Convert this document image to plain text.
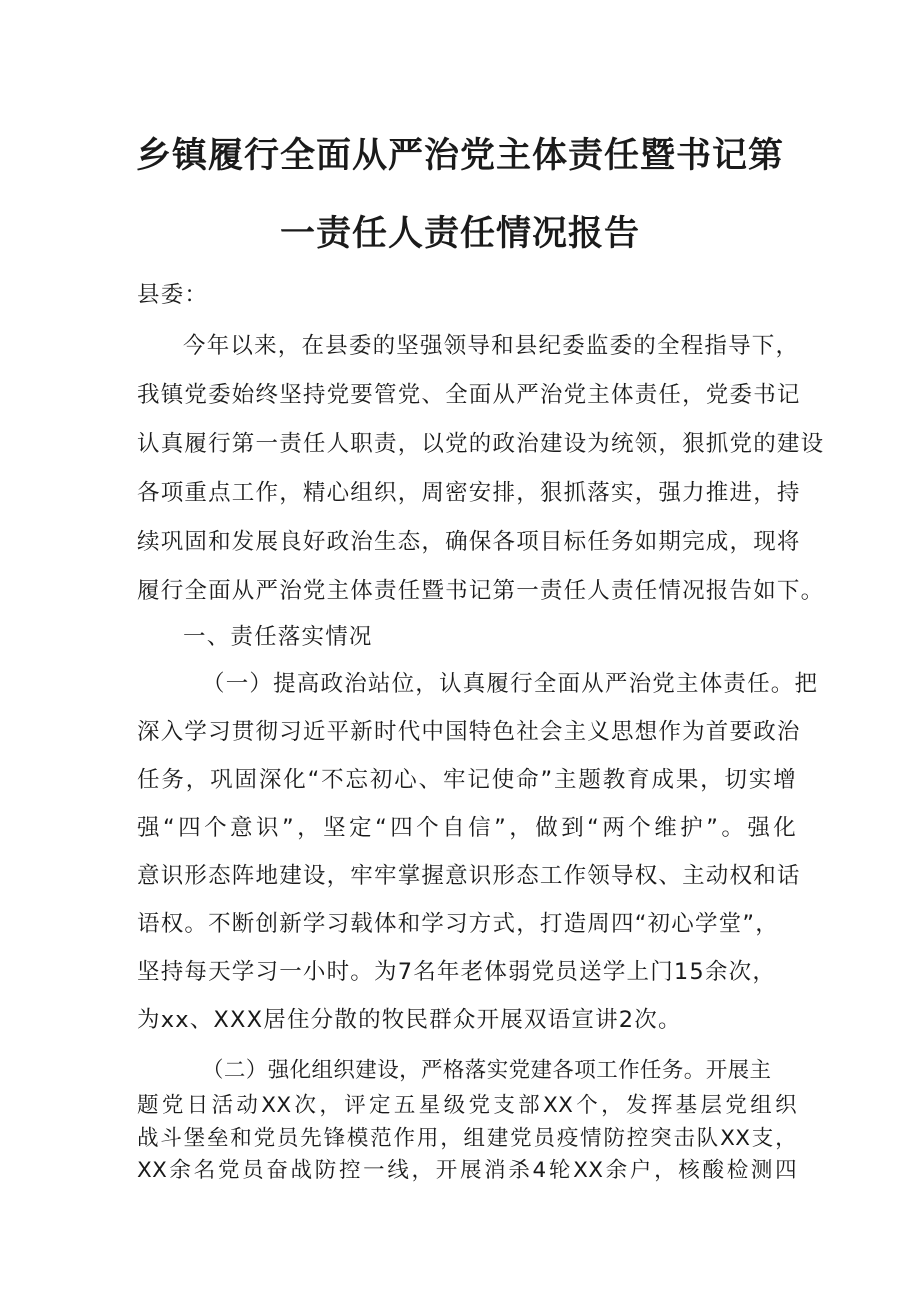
乡镇履行全面从严治党主体责任暨书记第
一责任人责任情况报告
县委：
今年以来，在县委的坚强领导和县纪委监委的全程指导下，
我镇党委始终坚持党要管党、全面从严治党主体责任，党委书记
认真履行第一责任人职责，以党的政治建设为统领，狠抓党的建设
各项重点工作，精心组织，周密安排，狠抓落实，强力推进，持
续巩固和发展良好政治生态，确保各项目标任务如期完成，现将
履行全面从严治党主体责任暨书记第一责任人责任情况报告如下。
一、责任落实情况
（一）提高政治站位，认真履行全面从严治党主体责任。把
深入学习贯彻习近平新时代中国特色社会主义思想作为首要政治
任务，巩固深化“不忘初心、牢记使命”主题教育成果，切实增
强“四个意识”，坚定“四个自信”，做到“两个维护”。强化
意识形态阵地建设，牢牢掌握意识形态工作领导权、主动权和话
语权。不断创新学习载体和学习方式，打造周四“初心学堂”，
坚持每天学习一小时。为7名年老体弱党员送学上门15余次，
为xx、XXX居住分散的牧民群众开展双语宣讲2次。
（二）强化组织建设，严格落实党建各项工作任务。开展主
题党日活动XX次，评定五星级党支部XX个，发挥基层党组织
战斗堡垒和党员先锋模范作用，组建党员疫情防控突击队XX支，
XX余名党员奋战防控一线，开展消杀4轮XX余户，核酸检测四
